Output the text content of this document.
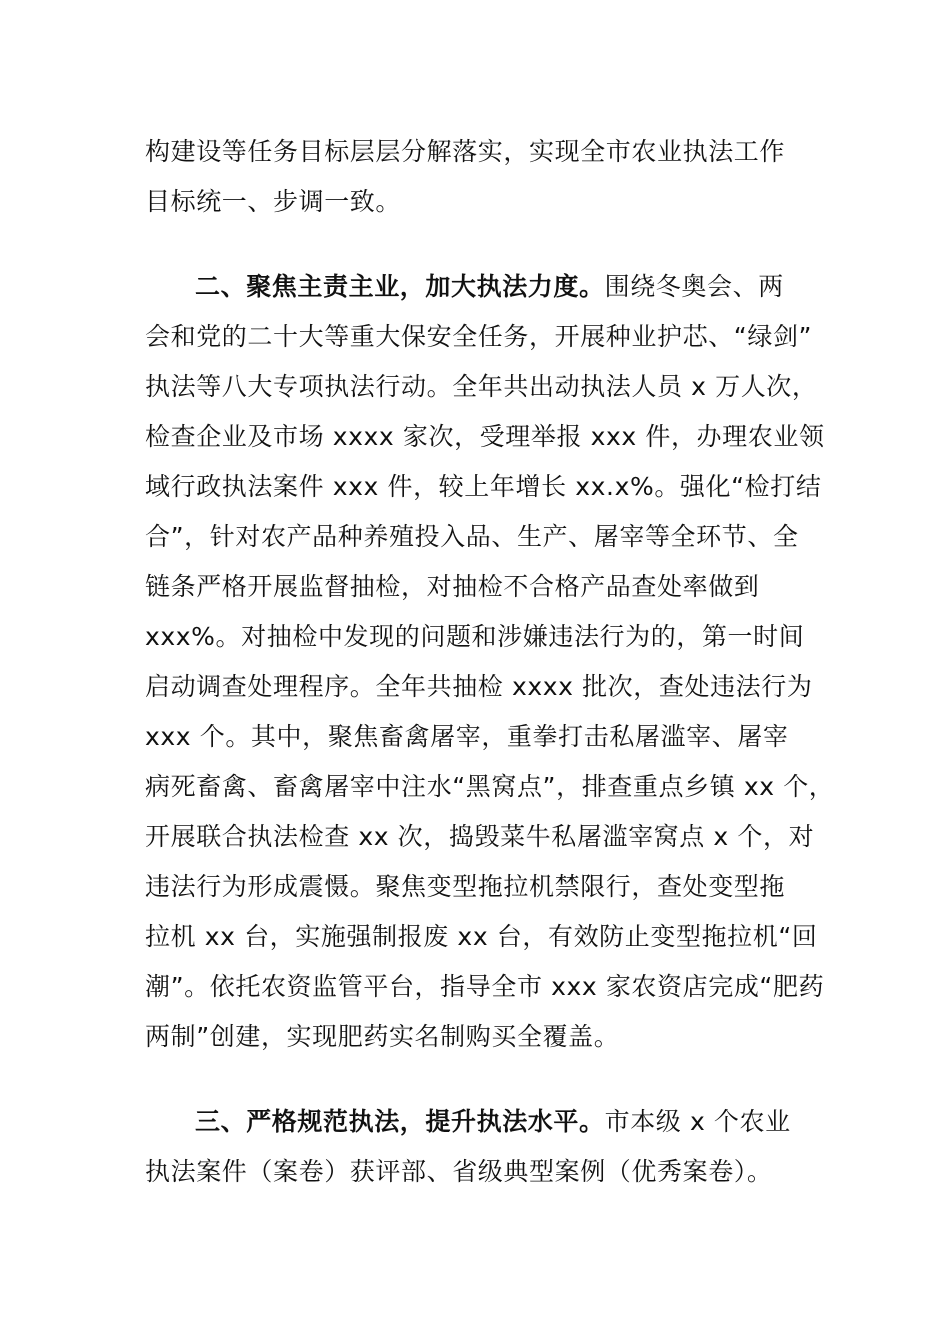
构建设等任务目标层层分解落实，实现全市农业执法工作
目标统一、步调一致。
二、聚焦主责主业，加大执法力度。围绕冬奥会、两
会和党的二十大等重大保安全任务，开展种业护芯、“绿剑”
执法等八大专项执法行动。全年共出动执法人员 x 万人次，
检查企业及市场 xxxx 家次，受理举报 xxx 件，办理农业领
域行政执法案件 xxx 件，较上年增长 xx.x%。强化“检打结
合”，针对农产品种养殖投入品、生产、屠宰等全环节、全
链条严格开展监督抽检，对抽检不合格产品查处率做到
xxx%。对抽检中发现的问题和涉嫌违法行为的，第一时间
启动调查处理程序。全年共抽检 xxxx 批次，查处违法行为
xxx 个。其中，聚焦畜禽屠宰，重拳打击私屠滥宰、屠宰
病死畜禽、畜禽屠宰中注水“黑窝点”，排查重点乡镇 xx 个，
开展联合执法检查 xx 次，捣毁菜牛私屠滥宰窝点 x 个，对
违法行为形成震慑。聚焦变型拖拉机禁限行，查处变型拖
拉机 xx 台，实施强制报废 xx 台，有效防止变型拖拉机“回
潮”。依托农资监管平台，指导全市 xxx 家农资店完成“肥药
两制”创建，实现肥药实名制购买全覆盖。
三、严格规范执法，提升执法水平。市本级 x 个农业
执法案件（案卷）获评部、省级典型案例（优秀案卷）。
